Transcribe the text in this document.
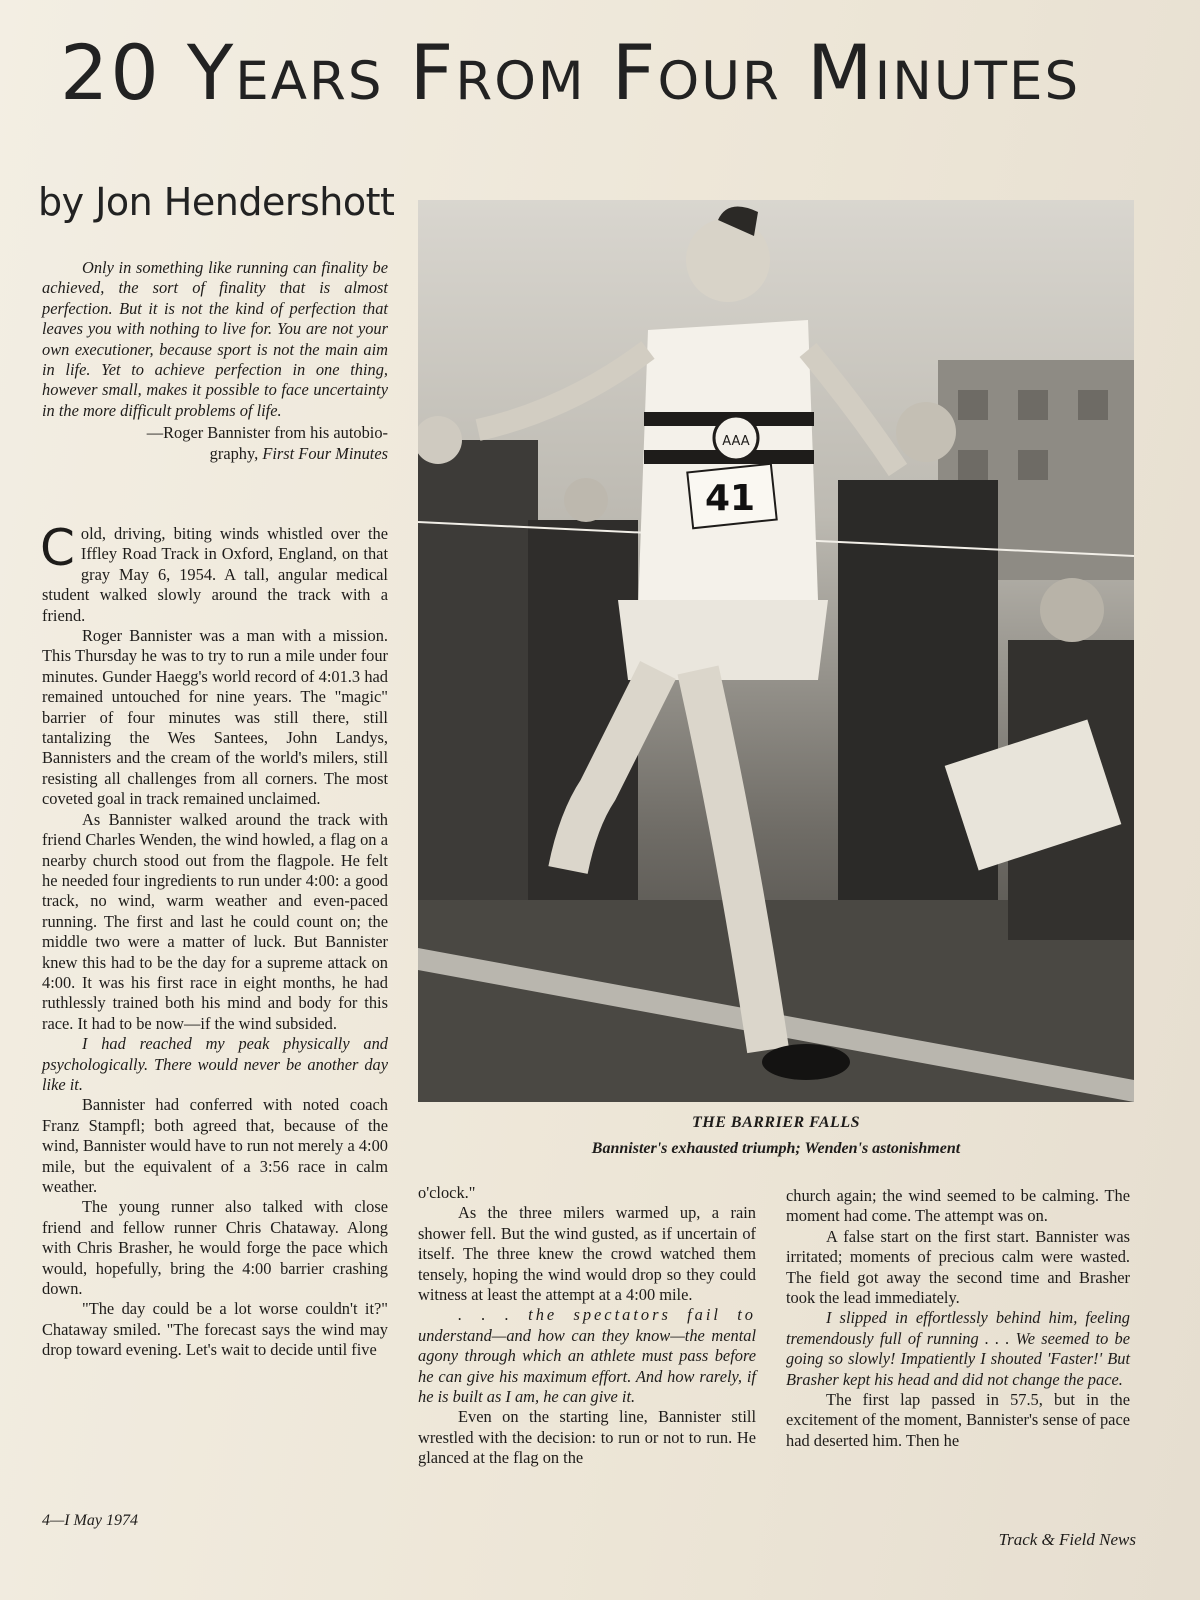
20 Years From Four Minutes
by Jon Hendershott

Only in something like running can finality be achieved, the sort of finality that is almost perfection. But it is not the kind of perfection that leaves you with nothing to live for. You are not your own executioner, because sport is not the main aim in life. Yet to achieve perfection in one thing, however small, makes it possible to face uncertainty in the more difficult problems of life.

—Roger Bannister from his autobio-

graphy, First Four Minutes

Cold, driving, biting winds whistled over the Iffley Road Track in Oxford, England, on that gray May 6, 1954. A tall, angular medical student walked slowly around the track with a friend.

Roger Bannister was a man with a mission. This Thursday he was to try to run a mile under four minutes. Gunder Haegg's world record of 4:01.3 had remained untouched for nine years. The "magic" barrier of four minutes was still there, still tantalizing the Wes Santees, John Landys, Bannisters and the cream of the world's milers, still resisting all challenges from all corners. The most coveted goal in track remained unclaimed.

As Bannister walked around the track with friend Charles Wenden, the wind howled, a flag on a nearby church stood out from the flagpole. He felt he needed four ingredients to run under 4:00: a good track, no wind, warm weather and even-paced running. The first and last he could count on; the middle two were a matter of luck. But Bannister knew this had to be the day for a supreme attack on 4:00. It was his first race in eight months, he had ruthlessly trained both his mind and body for this race. It had to be now—if the wind subsided.

I had reached my peak physically and psychologically. There would never be another day like it.

Bannister had conferred with noted coach Franz Stampfl; both agreed that, because of the wind, Bannister would have to run not merely a 4:00 mile, but the equivalent of a 3:56 race in calm weather.

The young runner also talked with close friend and fellow runner Chris Chataway. Along with Chris Brasher, he would forge the pace which would, hopefully, bring the 4:00 barrier crashing down.

"The day could be a lot worse couldn't it?" Chataway smiled. "The forecast says the wind may drop toward evening. Let's wait to decide until five

AAA
41
THE BARRIER FALLS
Bannister's exhausted triumph; Wenden's astonishment

o'clock."

As the three milers warmed up, a rain shower fell. But the wind gusted, as if uncertain of itself. The three knew the crowd watched them tensely, hoping the wind would drop so they could witness at least the attempt at a 4:00 mile.

. . . the spectators fail to understand—and how can they know—the mental agony through which an athlete must pass before he can give his maximum effort. And how rarely, if he is built as I am, he can give it.

Even on the starting line, Bannister still wrestled with the decision: to run or not to run. He glanced at the flag on the

church again; the wind seemed to be calming. The moment had come. The attempt was on.

A false start on the first start. Bannister was irritated; moments of precious calm were wasted. The field got away the second time and Brasher took the lead immediately.

I slipped in effortlessly behind him, feeling tremendously full of running . . . We seemed to be going so slowly! Impatiently I shouted 'Faster!' But Brasher kept his head and did not change the pace.

The first lap passed in 57.5, but in the excitement of the moment, Bannister's sense of pace had deserted him. Then he

4—I May 1974
Track & Field News
